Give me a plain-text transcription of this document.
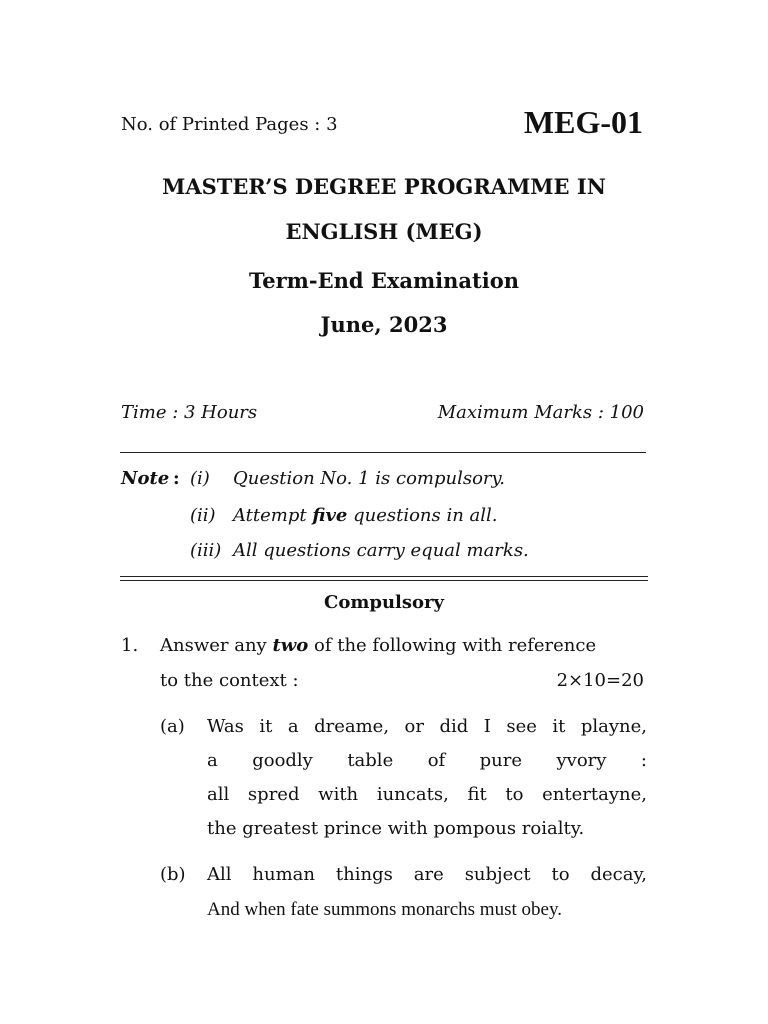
No. of Printed Pages : 3	MEG-01
MASTER’S DEGREE PROGRAMME IN
ENGLISH (MEG)
Term-End Examination
June, 2023
Time : 3 Hours	Maximum Marks : 100
Note : (i) Question No. 1 is compulsory.
(ii) Attempt five questions in all.
(iii) All questions carry equal marks.
Compulsory
1. Answer any two of the following with reference
to the context :	2×10=20
(a) Was it a dreame, or did I see it playne,
a goodly table of pure yvory :
all spred with iuncats, fit to entertayne,
the greatest prince with pompous roialty.
(b) All human things are subject to decay,
And when fate summons monarchs must obey.
